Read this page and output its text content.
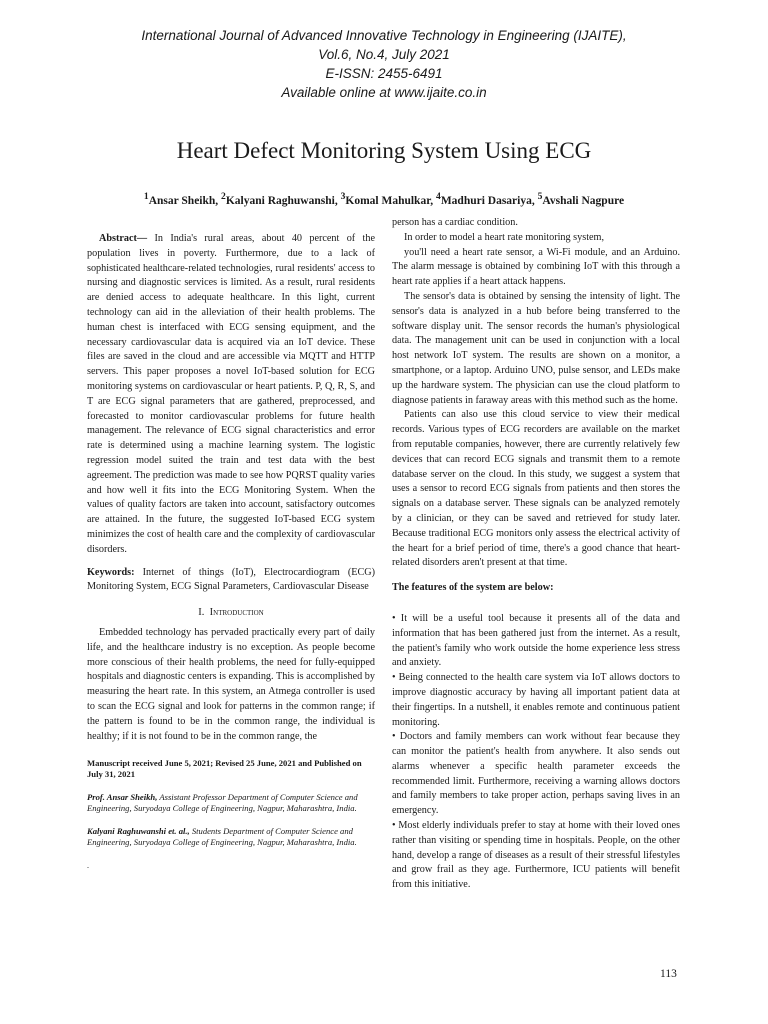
International Journal of Advanced Innovative Technology in Engineering (IJAITE),
Vol.6, No.4, July 2021
E-ISSN: 2455-6491
Available online at www.ijaite.co.in
Heart Defect Monitoring System Using ECG
$^1$Ansar Sheikh, $^2$Kalyani Raghuwanshi, $^3$Komal Mahulkar, $^4$Madhuri Dasariya, $^5$Avshali Nagpure

Abstract— In India's rural areas, about 40 percent of the population lives in poverty. Furthermore, due to a lack of sophisticated healthcare-related technologies, rural residents' access to nursing and diagnostic services is limited. As a result, rural residents are denied access to adequate healthcare. In this light, current technology can aid in the alleviation of their health problems. The human chest is interfaced with ECG sensing equipment, and the necessary cardiovascular data is acquired via an IoT device. These files are saved in the cloud and are accessible via MQTT and HTTP servers. This paper proposes a novel IoT-based solution for ECG monitoring systems on cardiovascular or heart patients. P, Q, R, S, and T are ECG signal parameters that are gathered, preprocessed, and forecasted to monitor cardiovascular problems for future health management. The relevance of ECG signal characteristics and error rate is determined using a machine learning system. The logistic regression model suited the train and test data with the best agreement. The prediction was made to see how PQRST quality varies and how well it fits into the ECG Monitoring System. When the values of quality factors are taken into account, satisfactory outcomes are attained. In the future, the suggested IoT-based ECG system minimizes the cost of health care and the complexity of cardiovascular disorders.

Keywords: Internet of things (IoT), Electrocardiogram (ECG) Monitoring System, ECG Signal Parameters, Cardiovascular Disease

I. Introduction

Embedded technology has pervaded practically every part of daily life, and the healthcare industry is no exception. As people become more conscious of their health problems, the need for fully-equipped hospitals and diagnostic centers is expanding. This is accomplished by measuring the heart rate. In this system, an Atmega controller is used to scan the ECG signal and look for patterns in the common range; if the pattern is found to be in the common range, the individual is healthy; if it is not found to be in the common range, the

Manuscript received June 5, 2021; Revised 25 June, 2021 and Published on July 31, 2021

Prof. Ansar Sheikh, Assistant Professor Department of Computer Science and Engineering, Suryodaya College of Engineering, Nagpur, Maharashtra, India.

Kalyani Raghuwanshi et. al., Students Department of Computer Science and Engineering, Suryodaya College of Engineering, Nagpur, Maharashtra, India.

.

person has a cardiac condition.

In order to model a heart rate monitoring system,

you'll need a heart rate sensor, a Wi-Fi module, and an Arduino. The alarm message is obtained by combining IoT with this through a heart rate applies if a heart attack happens.

The sensor's data is obtained by sensing the intensity of light. The sensor's data is analyzed in a hub before being transferred to the software display unit. The sensor records the human's physiological data. The management unit can be used in conjunction with a local host network IoT system. The results are shown on a monitor, a smartphone, or a laptop. Arduino UNO, pulse sensor, and LEDs make up the hardware system. The physician can use the cloud platform to diagnose patients in faraway areas with this method such as the home.

Patients can also use this cloud service to view their medical records. Various types of ECG recorders are available on the market from reputable companies, however, there are currently relatively few devices that can record ECG signals and transmit them to a remote database server on the cloud. In this study, we suggest a system that uses a sensor to record ECG signals from patients and then stores the signals on a database server. These signals can be analyzed remotely by a clinician, or they can be saved and retrieved for study later. Because traditional ECG monitors only assess the electrical activity of the heart for a brief period of time, there's a good chance that heart-related disorders aren't present at that time.

The features of the system are below:

• It will be a useful tool because it presents all of the data and information that has been gathered just from the internet. As a result, the patient's family who work outside the home experience less stress and anxiety.

• Being connected to the health care system via IoT allows doctors to improve diagnostic accuracy by having all important patient data at their fingertips. In a nutshell, it enables remote and continuous patient monitoring.

• Doctors and family members can work without fear because they can monitor the patient's health from anywhere. It also sends out alarms whenever a specific health parameter exceeds the recommended limit. Furthermore, receiving a warning allows doctors and family members to take proper action, perhaps saving lives in an emergency.

• Most elderly individuals prefer to stay at home with their loved ones rather than visiting or spending time in hospitals. People, on the other hand, develop a range of diseases as a result of their stressful lifestyles and grow frail as they age. Furthermore, ICU patients will benefit from this initiative.

113
